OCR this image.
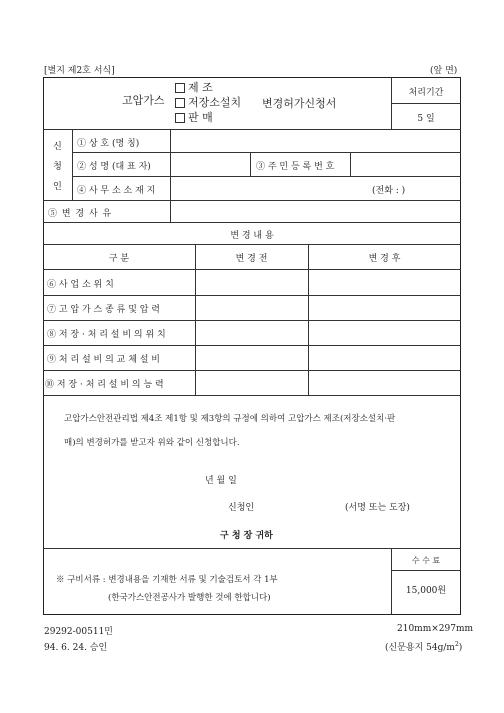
[별지 제2호 서식]	(앞 면)
고압가스
제 조
저장소설치
판 매
변경허가신청서
처리기간
5 일
신
청
인
① 상 호 (명 칭)
② 성 명 (대 표 자)	③ 주 민 등 록 번 호
④ 사 무 소 소 재 지	(전화 : )
⑤ 변 경 사 유
변 경 내 용
구 분	변 경 전	변 경 후
⑥ 사 업 소 위 치
⑦ 고 압 가 스 종 류 및 압 력
⑧ 저 장 · 처 리 설 비 의 위 치
⑨ 처 리 설 비 의 교 체 설 비
⑩ 저 장 · 처 리 설 비 의 능 력
고압가스안전관리법 제4조 제1항 및 제3항의 규정에 의하여 고압가스 제조(저장소설치·판
매)의 변경허가를 받고자 위와 같이 신청합니다.
년 월 일
신청인	(서명 또는 도장)
구 청 장 귀하
※ 구비서류 : 변경내용을 기재한 서류 및 기술검토서 각 1부
(한국가스안전공사가 발행한 것에 한합니다)
수 수 료
15,000원
29292-00511민	210mm×297mm
94. 6. 24. 승인	(신문용지 $54g/m^2$)
